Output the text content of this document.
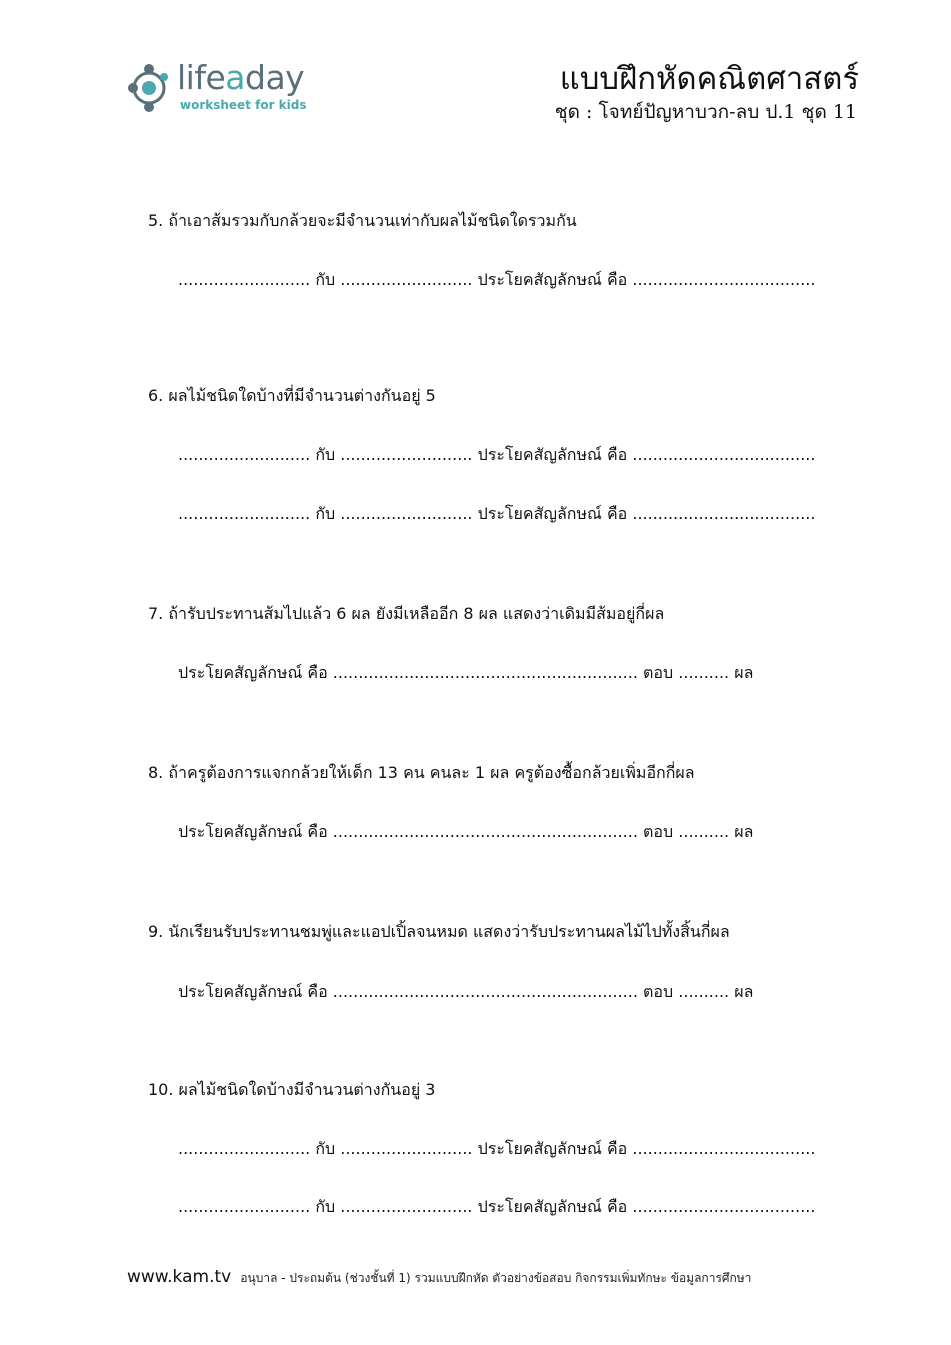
lifeaday
worksheet for kids
แบบฝึกหัดคณิตศาสตร์
ชุด : โจทย์ปัญหาบวก-ลบ ป.1 ชุด 11
5. ถ้าเอาส้มรวมกับกล้วยจะมีจำนวนเท่ากับผลไม้ชนิดใดรวมกัน
.......................... กับ .......................... ประโยคสัญลักษณ์ คือ ....................................
6. ผลไม้ชนิดใดบ้างที่มีจำนวนต่างกันอยู่ 5
.......................... กับ .......................... ประโยคสัญลักษณ์ คือ ....................................
.......................... กับ .......................... ประโยคสัญลักษณ์ คือ ....................................
7. ถ้ารับประทานส้มไปแล้ว 6 ผล ยังมีเหลืออีก 8 ผล แสดงว่าเดิมมีส้มอยู่กี่ผล
ประโยคสัญลักษณ์ คือ ............................................................ ตอบ .......... ผล
8. ถ้าครูต้องการแจกกล้วยให้เด็ก 13 คน คนละ 1 ผล ครูต้องซื้อกล้วยเพิ่มอีกกี่ผล
ประโยคสัญลักษณ์ คือ ............................................................ ตอบ .......... ผล
9. นักเรียนรับประทานชมพู่และแอปเปิ้ลจนหมด แสดงว่ารับประทานผลไม้ไปทั้งสิ้นกี่ผล
ประโยคสัญลักษณ์ คือ ............................................................ ตอบ .......... ผล
10. ผลไม้ชนิดใดบ้างมีจำนวนต่างกันอยู่ 3
.......................... กับ .......................... ประโยคสัญลักษณ์ คือ ....................................
.......................... กับ .......................... ประโยคสัญลักษณ์ คือ ....................................
www.kam.tv อนุบาล - ประถมต้น (ช่วงชั้นที่ 1) รวมแบบฝึกหัด ตัวอย่างข้อสอบ กิจกรรมเพิ่มทักษะ ข้อมูลการศึกษา
